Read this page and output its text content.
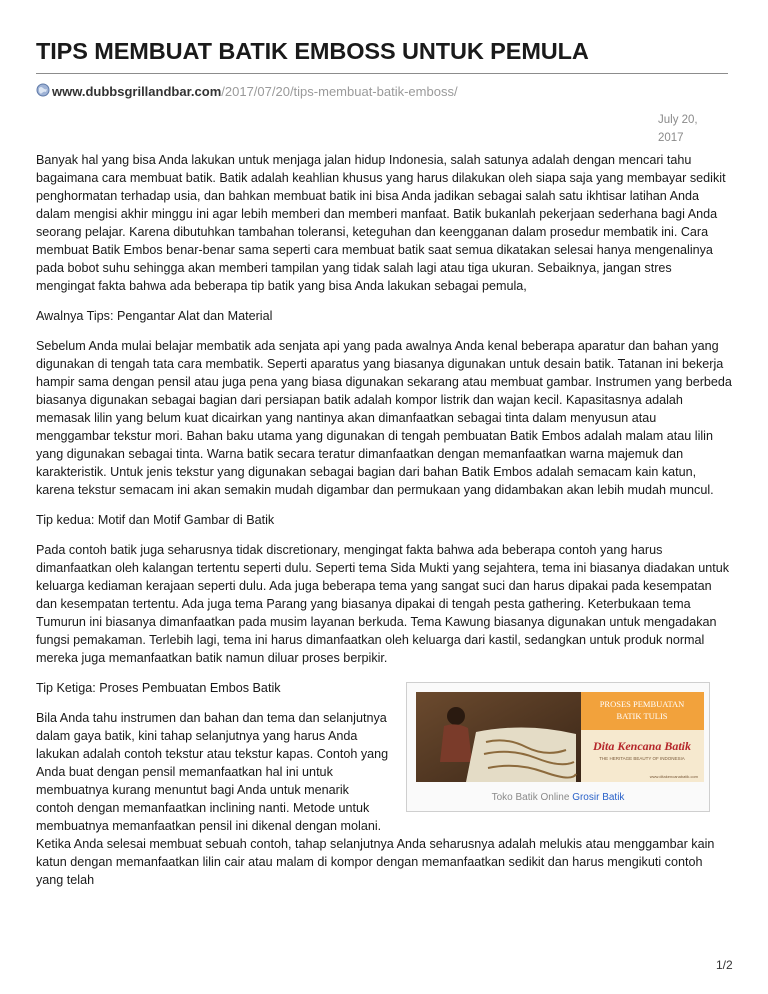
TIPS MEMBUAT BATIK EMBOSS UNTUK PEMULA
www.dubbsgrillandbar.com/2017/07/20/tips-membuat-batik-emboss/
July 20,
2017

Banyak hal yang bisa Anda lakukan untuk menjaga jalan hidup Indonesia, salah satunya adalah dengan mencari tahu bagaimana cara membuat batik. Batik adalah keahlian khusus yang harus dilakukan oleh siapa saja yang membayar sedikit penghormatan terhadap usia, dan bahkan membuat batik ini bisa Anda jadikan sebagai salah satu ikhtisar latihan Anda dalam mengisi akhir minggu ini agar lebih memberi dan memberi manfaat. Batik bukanlah pekerjaan sederhana bagi Anda seorang pelajar. Karena dibutuhkan tambahan toleransi, keteguhan dan keengganan dalam prosedur membatik ini. Cara membuat Batik Embos benar-benar sama seperti cara membuat batik saat semua dikatakan selesai hanya mengenalinya pada bobot suhu sehingga akan memberi tampilan yang tidak salah lagi atau tiga ukuran. Sebaiknya, jangan stres mengingat fakta bahwa ada beberapa tip batik yang bisa Anda lakukan sebagai pemula,

Awalnya Tips: Pengantar Alat dan Material

Sebelum Anda mulai belajar membatik ada senjata api yang pada awalnya Anda kenal beberapa aparatur dan bahan yang digunakan di tengah tata cara membatik. Seperti aparatus yang biasanya digunakan untuk desain batik. Tatanan ini bekerja hampir sama dengan pensil atau juga pena yang biasa digunakan sekarang atau membuat gambar. Instrumen yang berbeda biasanya digunakan sebagai bagian dari persiapan batik adalah kompor listrik dan wajan kecil. Kapasitasnya adalah memasak lilin yang belum kuat dicairkan yang nantinya akan dimanfaatkan sebagai tinta dalam menyusun atau menggambar tekstur mori. Bahan baku utama yang digunakan di tengah pembuatan Batik Embos adalah malam atau lilin yang digunakan sebagai tinta. Warna batik secara teratur dimanfaatkan dengan memanfaatkan warna majemuk dan karakteristik. Untuk jenis tekstur yang digunakan sebagai bagian dari bahan Batik Embos adalah semacam kain katun, karena tekstur semacam ini akan semakin mudah digambar dan permukaan yang didambakan akan lebih mudah muncul.

Tip kedua: Motif dan Motif Gambar di Batik

Pada contoh batik juga seharusnya tidak discretionary, mengingat fakta bahwa ada beberapa contoh yang harus dimanfaatkan oleh kalangan tertentu seperti dulu. Seperti tema Sida Mukti yang sejahtera, tema ini biasanya diadakan untuk keluarga kediaman kerajaan seperti dulu. Ada juga beberapa tema yang sangat suci dan harus dipakai pada kesempatan dan kesempatan tertentu. Ada juga tema Parang yang biasanya dipakai di tengah pesta gathering. Keterbukaan tema Tumurun ini biasanya dimanfaatkan pada musim layanan berkuda. Tema Kawung biasanya digunakan untuk mengadakan fungsi pemakaman. Terlebih lagi, tema ini harus dimanfaatkan oleh keluarga dari kastil, sedangkan untuk produk normal mereka juga memanfaatkan batik namun diluar proses berpikir.

PROSES PEMBUATAN
BATIK TULIS
Dita Kencana Batik
THE HERITAGE BEAUTY OF INDONESIA
www.ditakencanabatik.com
Toko Batik Online Grosir Batik

Tip Ketiga: Proses Pembuatan Embos Batik

Bila Anda tahu instrumen dan bahan dan tema dan selanjutnya dalam gaya batik, kini tahap selanjutnya yang harus Anda lakukan adalah contoh tekstur atau tekstur kapas. Contoh yang Anda buat dengan pensil memanfaatkan hal ini untuk membuatnya kurang menuntut bagi Anda untuk menarik contoh dengan memanfaatkan inclining nanti. Metode untuk membuatnya memanfaatkan pensil ini dikenal dengan molani. Ketika Anda selesai membuat sebuah contoh, tahap selanjutnya Anda seharusnya adalah melukis atau menggambar kain katun dengan memanfaatkan lilin cair atau malam di kompor dengan memanfaatkan sedikit dan harus mengikuti contoh yang telah

1/2
